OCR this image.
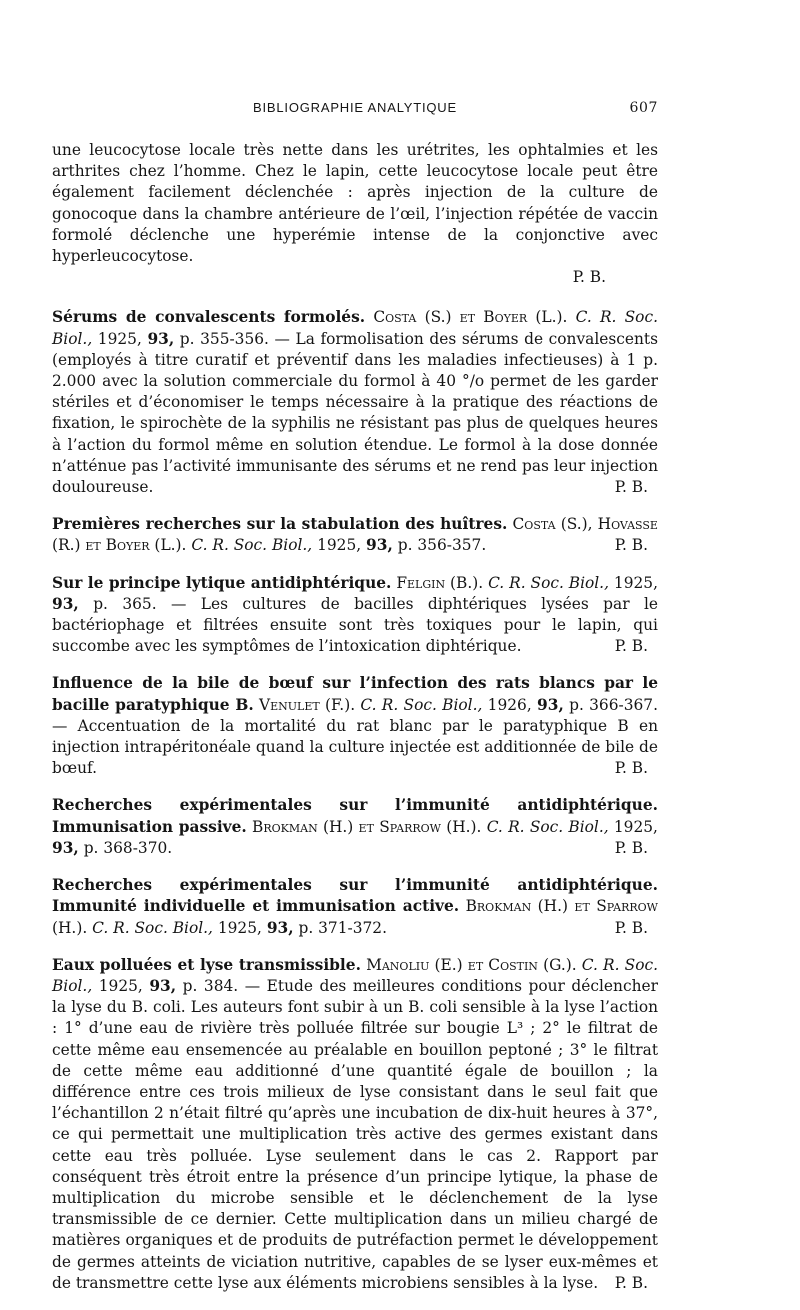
BIBLIOGRAPHIE ANALYTIQUE	607

une leucocytose locale très nette dans les urétrites, les ophtalmies et les arthrites chez l’homme. Chez le lapin, cette leucocytose locale peut être également facilement déclenchée : après injection de la culture de gonocoque dans la chambre antérieure de l’œil, l’injection répétée de vaccin formolé déclenche une hyperémie intense de la conjonctive avec hyperleucocytose.

P. B.

Sérums de convalescents formolés. Costa (S.) et Boyer (L.). C. R. Soc. Biol., 1925, 93, p. 355-356. — La formolisation des sérums de convalescents (employés à titre curatif et préventif dans les maladies infectieuses) à 1 p. 2.000 avec la solution commerciale du formol à 40 °/o permet de les garder stériles et d’économiser le temps nécessaire à la pratique des réactions de fixation, le spirochète de la syphilis ne résistant pas plus de quelques heures à l’action du formol même en solution étendue. Le formol à la dose donnée n’atténue pas l’activité immunisante des sérums et ne rend pas leur injection douloureuse.	P. B.

Premières recherches sur la stabulation des huîtres. Costa (S.), Hovasse (R.) et Boyer (L.). C. R. Soc. Biol., 1925, 93, p. 356-357.	P. B.

Sur le principe lytique antidiphtérique. Felgin (B.). C. R. Soc. Biol., 1925, 93, p. 365. — Les cultures de bacilles diphtériques lysées par le bactériophage et filtrées ensuite sont très toxiques pour le lapin, qui succombe avec les symptômes de l’intoxication diphtérique.	P. B.

Influence de la bile de bœuf sur l’infection des rats blancs par le bacille paratyphique B. Venulet (F.). C. R. Soc. Biol., 1926, 93, p. 366-367. — Accentuation de la mortalité du rat blanc par le paratyphique B en injection intrapéritonéale quand la culture injectée est additionnée de bile de bœuf.	P. B.

Recherches expérimentales sur l’immunité antidiphtérique. Immunisation passive. Brokman (H.) et Sparrow (H.). C. R. Soc. Biol., 1925, 93, p. 368-370.	P. B.

Recherches expérimentales sur l’immunité antidiphtérique. Immunité individuelle et immunisation active. Brokman (H.) et Sparrow (H.). C. R. Soc. Biol., 1925, 93, p. 371-372.	P. B.

Eaux polluées et lyse transmissible. Manoliu (E.) et Costin (G.). C. R. Soc. Biol., 1925, 93, p. 384. — Etude des meilleures conditions pour déclencher la lyse du B. coli. Les auteurs font subir à un B. coli sensible à la lyse l’action : 1° d’une eau de rivière très polluée filtrée sur bougie L³ ; 2° le filtrat de cette même eau ensemencée au préalable en bouillon peptoné ; 3° le filtrat de cette même eau additionné d’une quantité égale de bouillon ; la différence entre ces trois milieux de lyse consistant dans le seul fait que l’échantillon 2 n’était filtré qu’après une incubation de dix-huit heures à 37°, ce qui permettait une multiplication très active des germes existant dans cette eau très polluée. Lyse seulement dans le cas 2. Rapport par conséquent très étroit entre la présence d’un principe lytique, la phase de multiplication du microbe sensible et le déclenchement de la lyse transmissible de ce dernier. Cette multiplication dans un milieu chargé de matières organiques et de produits de putréfaction permet le développement de germes atteints de viciation nutritive, capables de se lyser eux-mêmes et de transmettre cette lyse aux éléments microbiens sensibles à la lyse. P. B.
